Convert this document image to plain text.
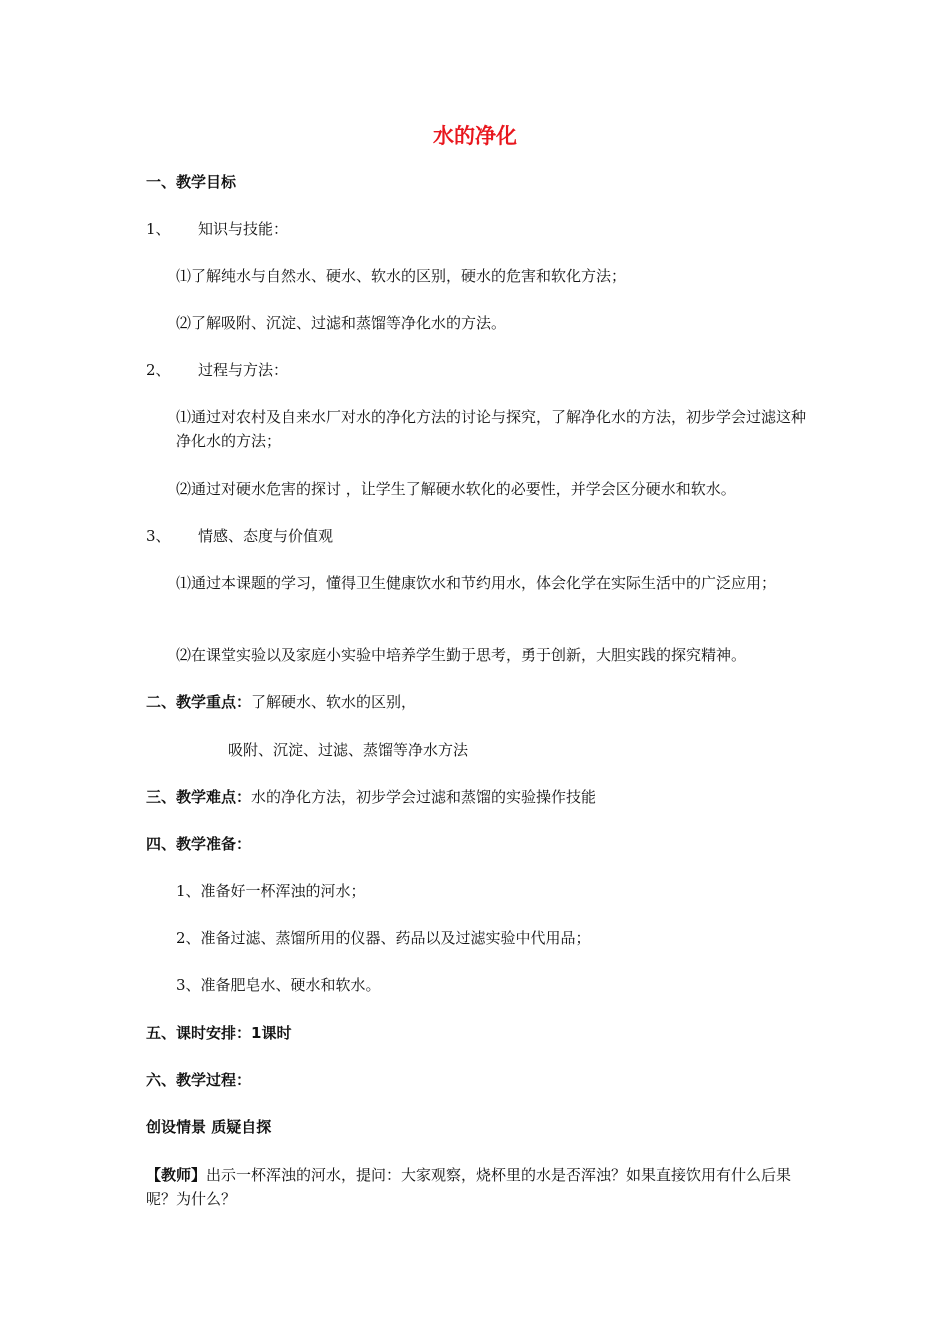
水的净化
一、教学目标
1、 知识与技能：
⑴了解纯水与自然水、硬水、软水的区别，硬水的危害和软化方法；
⑵了解吸附、沉淀、过滤和蒸馏等净化水的方法。
2、 过程与方法：
⑴通过对农村及自来水厂对水的净化方法的讨论与探究，了解净化水的方法，初步学会过滤这种净化水的方法；
⑵通过对硬水危害的探讨 ，让学生了解硬水软化的必要性，并学会区分硬水和软水。
3、 情感、态度与价值观
⑴通过本课题的学习，懂得卫生健康饮水和节约用水，体会化学在实际生活中的广泛应用；
⑵在课堂实验以及家庭小实验中培养学生勤于思考，勇于创新，大胆实践的探究精神。
二、教学重点：了解硬水、软水的区别，
吸附、沉淀、过滤、蒸馏等净水方法
三、教学难点：水的净化方法，初步学会过滤和蒸馏的实验操作技能
四、教学准备：
1、准备好一杯浑浊的河水；
2、准备过滤、蒸馏所用的仪器、药品以及过滤实验中代用品；
3、准备肥皂水、硬水和软水。
五、课时安排：1课时
六、教学过程：
创设情景 质疑自探
【教师】出示一杯浑浊的河水，提问：大家观察，烧杯里的水是否浑浊？如果直接饮用有什么后果呢？为什么？
